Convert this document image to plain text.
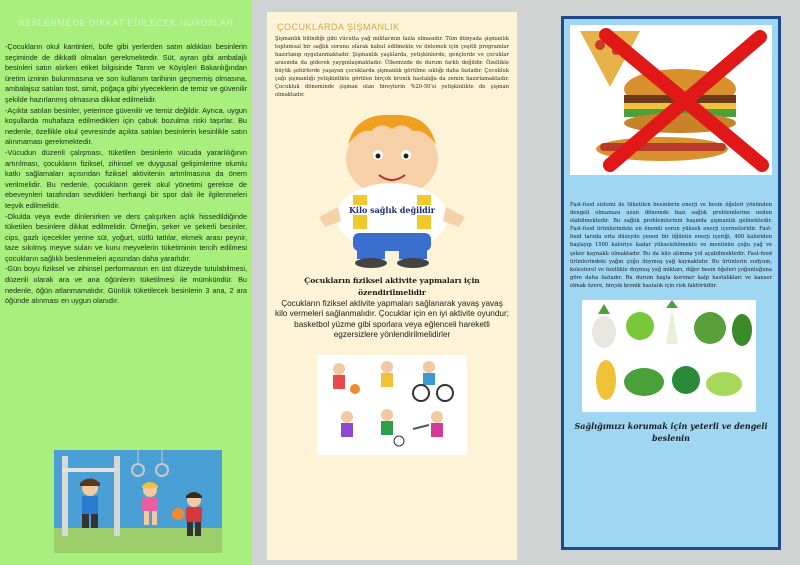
BESLENMEDE DİKKAT EDİLECEK HUSUSLAR

-Çocukların okul kantinleri, büfe gibi yerlerden satın aldıkları besinlerin seçiminde de dikkatli olmaları gerekmektedir. Süt, ayran gibi ambalajlı besinleri satın alırken etiket bilgisinde Tarım ve Köyişleri Bakanlığından üretim izninin bulunmasına ve son kullanım tarihinin geçmemiş olmasına, ambalajsız satılan tost, simit, poğaça gibi yiyeceklerin de temiz ve güvenilir şekilde hazırlanmış olmasına dikkat edilmelidir.

-Açıkta satılan besinler, yeterince güvenilir ve temiz değildir. Ayrıca, uygun koşullarda muhafaza edilmedikleri için çabuk bozulma riski taşırlar. Bu nedenle, özellikle okul çevresinde açıkta satılan besinlerin kesinlikle satın alınmaması gerekmektedir.

-Vücudun düzenli çalışması, tüketilen besinlerin vücuda yararlılığının artırılması, çocukların fiziksel, zihinsel ve duygusal gelişimlerine olumlu katkı sağlamaları açısından fiziksel aktivitenin artırılmasına da önem verilmelidir. Bu nedenle, çocukların gerek okul yönetimi gerekse de ebeveynleri tarafından sevdikleri herhangi bir spor dalı ile ilgilenmeleri teşvik edilmelidir.

-Okulda veya evde dinlenirken ve ders çalışırken açlık hissedildiğinde tüketilen besinlere dikkat edilmelidir. Örneğin, şeker ve şekerli besinler, cips, gazlı içecekler yerine süt, yoğurt, sütlü tatlılar, ekmek arası peynir, taze sıkılmış meyve suları ve kuru meyvelerin tüketiminin tercih edilmesi çocukların sağlıklı beslenmeleri açısından daha yararlıdır.

-Gün boyu fiziksel ve zihinsel performansın en üst düzeyde tutulabilmesi, düzenli olarak ara ve ana öğünlerin tüketilmesi ile mümkündür. Bu nedenle, öğün atlanmamalıdır. Günlük tüketilecek besinlerin 3 ana, 2 ara öğünde alınması en uygun olanıdır.

ÇOCUKLARDA ŞİŞMANLIK
Şişmanlık bilindiği gibi vücutta yağ miktarının fazla olmasıdır. Tüm dünyada şişmanlık toplumsal bir sağlık sorunu olarak kabul edilmekte ve önlemek için çeşitli programlar hazırlanıp uygulanmaktadır. Şişmanlık yaşlılarda, yetişkinlerde, gençlerde ve çocuklar arasında da giderek yaygınlaşmaktadır. Ülkemizde de durum farklı değildir. Özellikle büyük şehirlerde yaşayan çocuklarda şişmanlık görülme sıklığı daha fazladır. Çocukluk çağı şişmanlığı yetişkinlikte görülen birçok kronik hastalığa da zemin hazırlamaktadır. Çocukluk döneminde şişman olan bireylerin %20-50'si yetişkinlikte de şişman olmaktadır.
Kilo sağlık değildir
Çocukların fiziksel aktivite yapmaları için özendirilmelidir
Çocukların fiziksel aktivite yapmaları sağlanarak yavaş yavaş kilo vermeleri sağlanmalıdır. Çocuklar için en iyi aktivite oyundur; basketbol yüzme gibi sporlara veya eğlenceli hareketli egzersizlere yönlendirilmelidirler
Fast-food sistemi ile tüketilen besinlerin enerji ve besin öğeleri yönünden dengeli olmaması uzun dönemde bazı sağlık problemlerine neden olabilmektedir. Bu sağlık problemlerinin başında şişmanlık gelmektedir. Fast-food ürünlerindeki en önemli sorun yüksek enerji içermeleridir. Fast-food tarzda orta düzeyde yenen bir öğünün enerji içeriği, 400 kaloriden başlayıp 1500 kaloriye kadar yükselebilmekte ve menünün çoğu yağ ve şeker kaynaklı olmaktadır. Bu da kilo alımına yol açabilmektedir. Fast-food ürünlerindeki yağın çoğu doymuş yağ kaynaklıdır. Bu ürünlerin sodyum, kolesterol ve özellikle doymuş yağ miktarı, diğer besin öğeleri yoğunluğuna göre daha fazladır. Bu durum başta koroner kalp hastalıkları ve kanser olmak üzere, birçok kronik hastalık için risk faktörüdür.
Sağlığımızı korumak için yeterli ve dengeli beslenin
